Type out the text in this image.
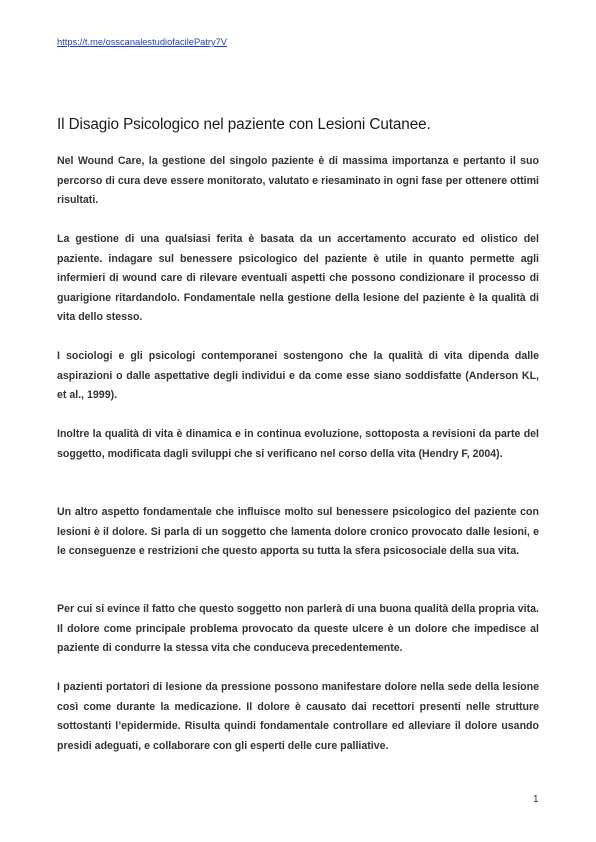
https://t.me/osscanalestudiofacilePatry7V
Il Disagio Psicologico nel paziente con Lesioni Cutanee.

Nel Wound Care, la gestione del singolo paziente è di massima importanza e pertanto il suo percorso di cura deve essere monitorato, valutato e riesaminato in ogni fase per ottenere ottimi risultati.

La gestione di una qualsiasi ferita è basata da un accertamento accurato ed olistico del paziente. indagare sul benessere psicologico del paziente è utile in quanto permette agli infermieri di wound care di rilevare eventuali aspetti che possono condizionare il processo di guarigione ritardandolo. Fondamentale nella gestione della lesione del paziente è la qualità di vita dello stesso.

I sociologi e gli psicologi contemporanei sostengono che la qualità di vita dipenda dalle aspirazioni o dalle aspettative degli individui e da come esse siano soddisfatte (Anderson KL, et al., 1999).

Inoltre la qualità di vita è dinamica e in continua evoluzione, sottoposta a revisioni da parte del soggetto, modificata dagli sviluppi che si verificano nel corso della vita (Hendry F, 2004).

Un altro aspetto fondamentale che influisce molto sul benessere psicologico del paziente con lesioni è il dolore. Si parla di un soggetto che lamenta dolore cronico provocato dalle lesioni, e le conseguenze e restrizioni che questo apporta su tutta la sfera psicosociale della sua vita.

Per cui si evince il fatto che questo soggetto non parlerà di una buona qualità della propria vita. Il dolore come principale problema provocato da queste ulcere è un dolore che impedisce al paziente di condurre la stessa vita che conduceva precedentemente.

I pazienti portatori di lesione da pressione possono manifestare dolore nella sede della lesione così come durante la medicazione. Il dolore è causato dai recettori presenti nelle strutture sottostanti l’epidermide. Risulta quindi fondamentale controllare ed alleviare il dolore usando presidi adeguati, e collaborare con gli esperti delle cure palliative.

1
